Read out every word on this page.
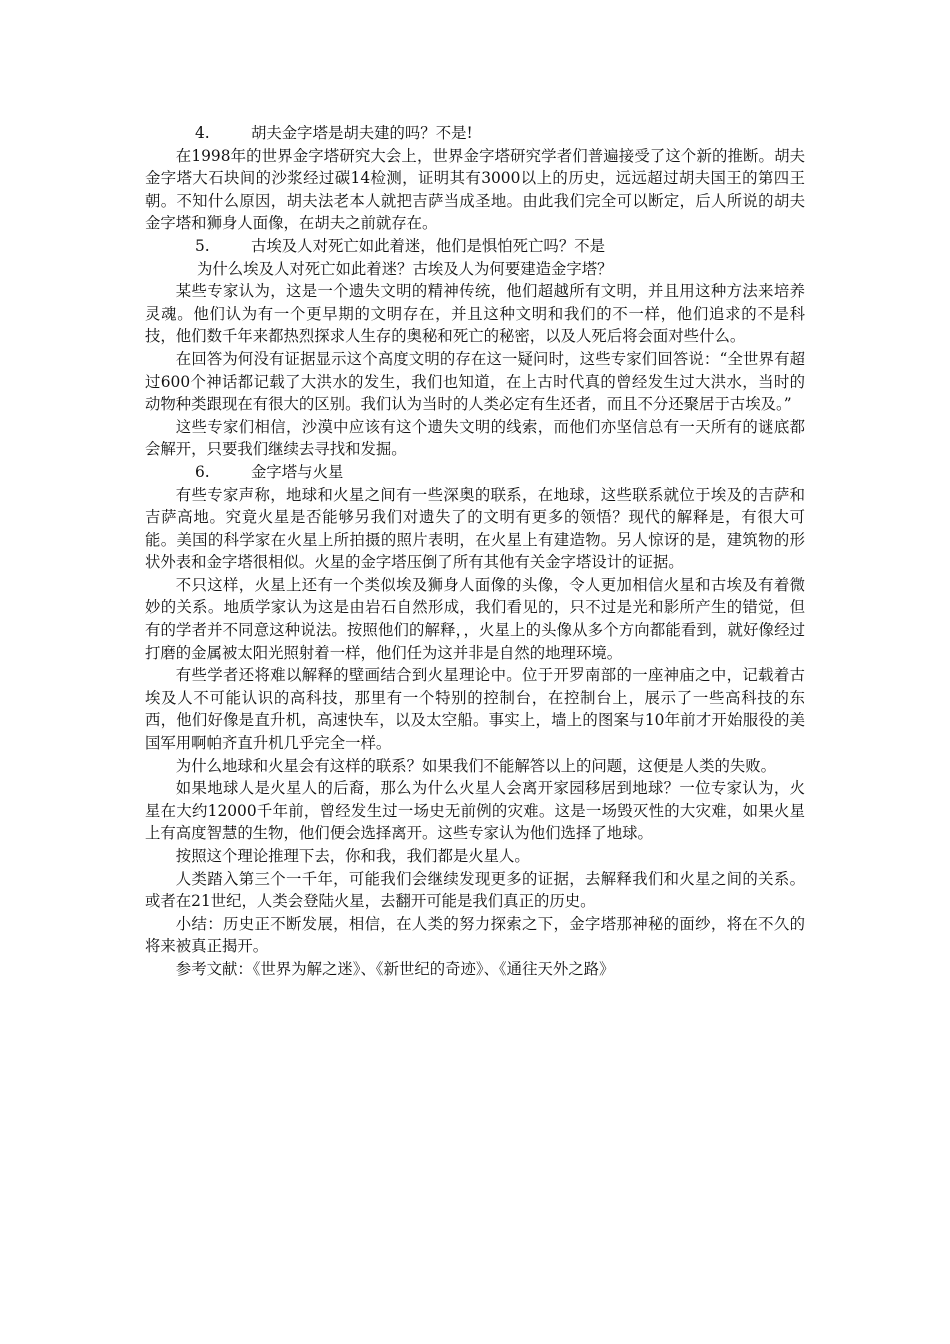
4.	胡夫金字塔是胡夫建的吗？不是!

在1998年的世界金字塔研究大会上，世界金字塔研究学者们普遍接受了这个新的推断。胡夫金字塔大石块间的沙浆经过碳14检测，证明其有3000以上的历史，远远超过胡夫国王的第四王朝。不知什么原因，胡夫法老本人就把吉萨当成圣地。由此我们完全可以断定，后人所说的胡夫金字塔和狮身人面像，在胡夫之前就存在。

5.	古埃及人对死亡如此着迷，他们是惧怕死亡吗？不是

为什么埃及人对死亡如此着迷？古埃及人为何要建造金字塔？

某些专家认为，这是一个遗失文明的精神传统，他们超越所有文明，并且用这种方法来培养灵魂。他们认为有一个更早期的文明存在，并且这种文明和我们的不一样，他们追求的不是科技，他们数千年来都热烈探求人生存的奥秘和死亡的秘密，以及人死后将会面对些什么。

在回答为何没有证据显示这个高度文明的存在这一疑问时，这些专家们回答说：“全世界有超过600个神话都记载了大洪水的发生，我们也知道，在上古时代真的曾经发生过大洪水，当时的动物种类跟现在有很大的区别。我们认为当时的人类必定有生还者，而且不分还聚居于古埃及。”

这些专家们相信，沙漠中应该有这个遗失文明的线索，而他们亦坚信总有一天所有的谜底都会解开，只要我们继续去寻找和发掘。

6.	金字塔与火星

有些专家声称，地球和火星之间有一些深奥的联系，在地球，这些联系就位于埃及的吉萨和吉萨高地。究竟火星是否能够另我们对遗失了的文明有更多的领悟？现代的解释是，有很大可能。美国的科学家在火星上所拍摄的照片表明，在火星上有建造物。另人惊讶的是，建筑物的形状外表和金字塔很相似。火星的金字塔压倒了所有其他有关金字塔设计的证据。

不只这样，火星上还有一个类似埃及狮身人面像的头像，令人更加相信火星和古埃及有着微妙的关系。地质学家认为这是由岩石自然形成，我们看见的，只不过是光和影所产生的错觉，但有的学者并不同意这种说法。按照他们的解释，，火星上的头像从多个方向都能看到，就好像经过打磨的金属被太阳光照射着一样，他们任为这并非是自然的地理环境。

有些学者还将难以解释的壁画结合到火星理论中。位于开罗南部的一座神庙之中，记载着古埃及人不可能认识的高科技，那里有一个特别的控制台，在控制台上，展示了一些高科技的东西，他们好像是直升机，高速快车，以及太空船。事实上，墙上的图案与10年前才开始服役的美国军用啊帕齐直升机几乎完全一样。

为什么地球和火星会有这样的联系？如果我们不能解答以上的问题，这便是人类的失败。

如果地球人是火星人的后裔，那么为什么火星人会离开家园移居到地球？一位专家认为，火星在大约12000千年前，曾经发生过一场史无前例的灾难。这是一场毁灭性的大灾难，如果火星上有高度智慧的生物，他们便会选择离开。这些专家认为他们选择了地球。

按照这个理论推理下去，你和我，我们都是火星人。

人类踏入第三个一千年，可能我们会继续发现更多的证据，去解释我们和火星之间的关系。或者在21世纪，人类会登陆火星，去翻开可能是我们真正的历史。

小结：历史正不断发展，相信，在人类的努力探索之下，金字塔那神秘的面纱，将在不久的将来被真正揭开。

参考文献：《世界为解之迷》、《新世纪的奇迹》、《通往天外之路》
